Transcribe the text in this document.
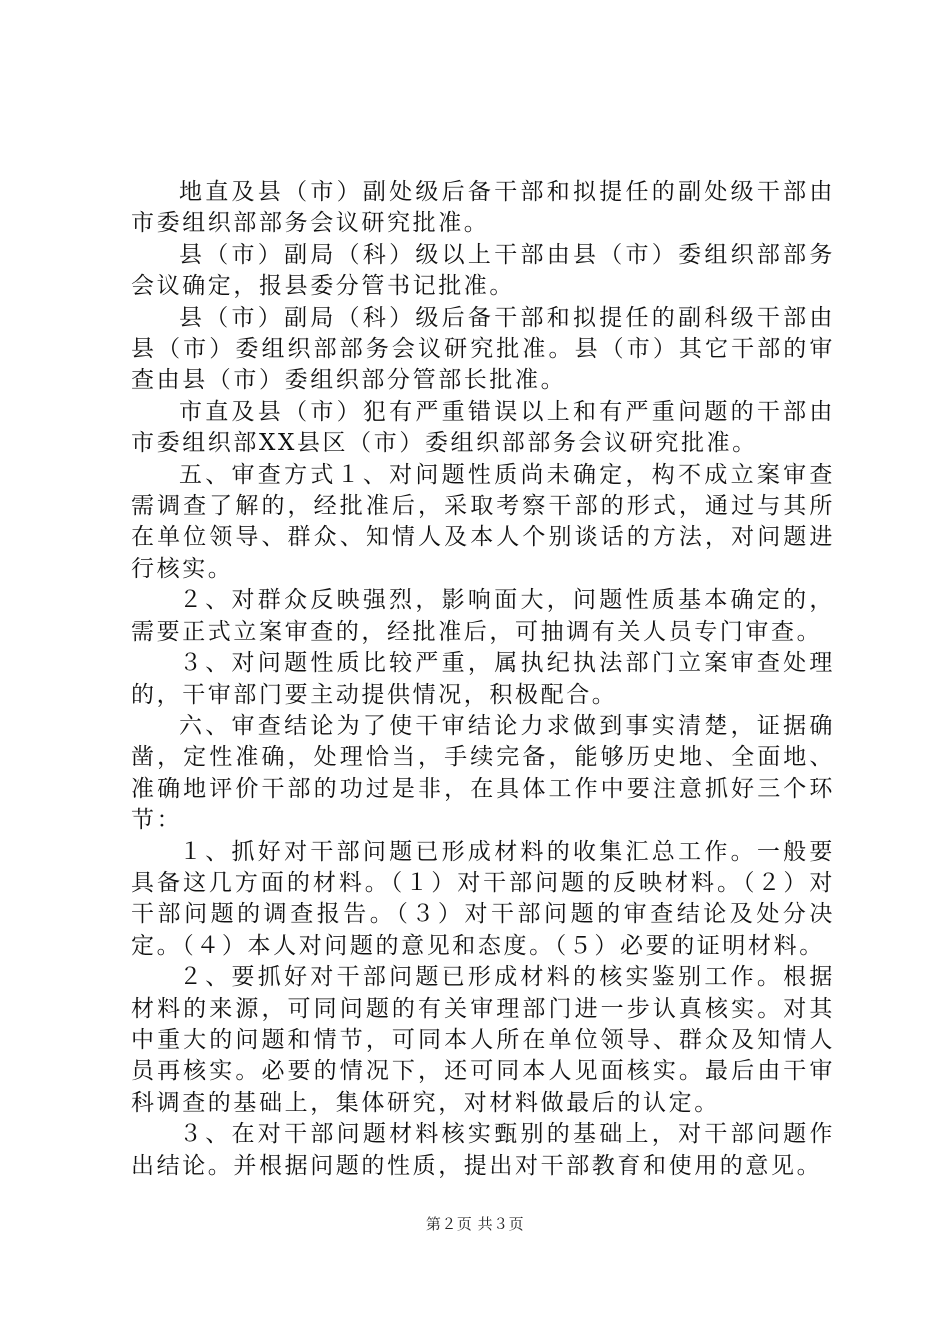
地直及县（市）副处级后备干部和拟提任的副处级干部由市委组织部部务会议研究批准。

县（市）副局（科）级以上干部由县（市）委组织部部务会议确定，报县委分管书记批准。

县（市）副局（科）级后备干部和拟提任的副科级干部由县（市）委组织部部务会议研究批准。县（市）其它干部的审查由县（市）委组织部分管部长批准。

市直及县（市）犯有严重错误以上和有严重问题的干部由市委组织部XX县区（市）委组织部部务会议研究批准。

五、审查方式１、对问题性质尚未确定，构不成立案审查需调查了解的，经批准后，采取考察干部的形式，通过与其所在单位领导、群众、知情人及本人个别谈话的方法，对问题进行核实。

２、对群众反映强烈，影响面大，问题性质基本确定的，需要正式立案审查的，经批准后，可抽调有关人员专门审查。

３、对问题性质比较严重，属执纪执法部门立案审查处理的，干审部门要主动提供情况，积极配合。

六、审查结论为了使干审结论力求做到事实清楚，证据确凿，定性准确，处理恰当，手续完备，能够历史地、全面地、准确地评价干部的功过是非，在具体工作中要注意抓好三个环节：

１、抓好对干部问题已形成材料的收集汇总工作。一般要具备这几方面的材料。（１）对干部问题的反映材料。（２）对干部问题的调查报告。（３）对干部问题的审查结论及处分决定。（４）本人对问题的意见和态度。（５）必要的证明材料。

２、要抓好对干部问题已形成材料的核实鉴别工作。根据材料的来源，可同问题的有关审理部门进一步认真核实。对其中重大的问题和情节，可同本人所在单位领导、群众及知情人员再核实。必要的情况下，还可同本人见面核实。最后由干审科调查的基础上，集体研究，对材料做最后的认定。

３、在对干部问题材料核实甄别的基础上，对干部问题作出结论。并根据问题的性质，提出对干部教育和使用的意见。

第２页 共３页
